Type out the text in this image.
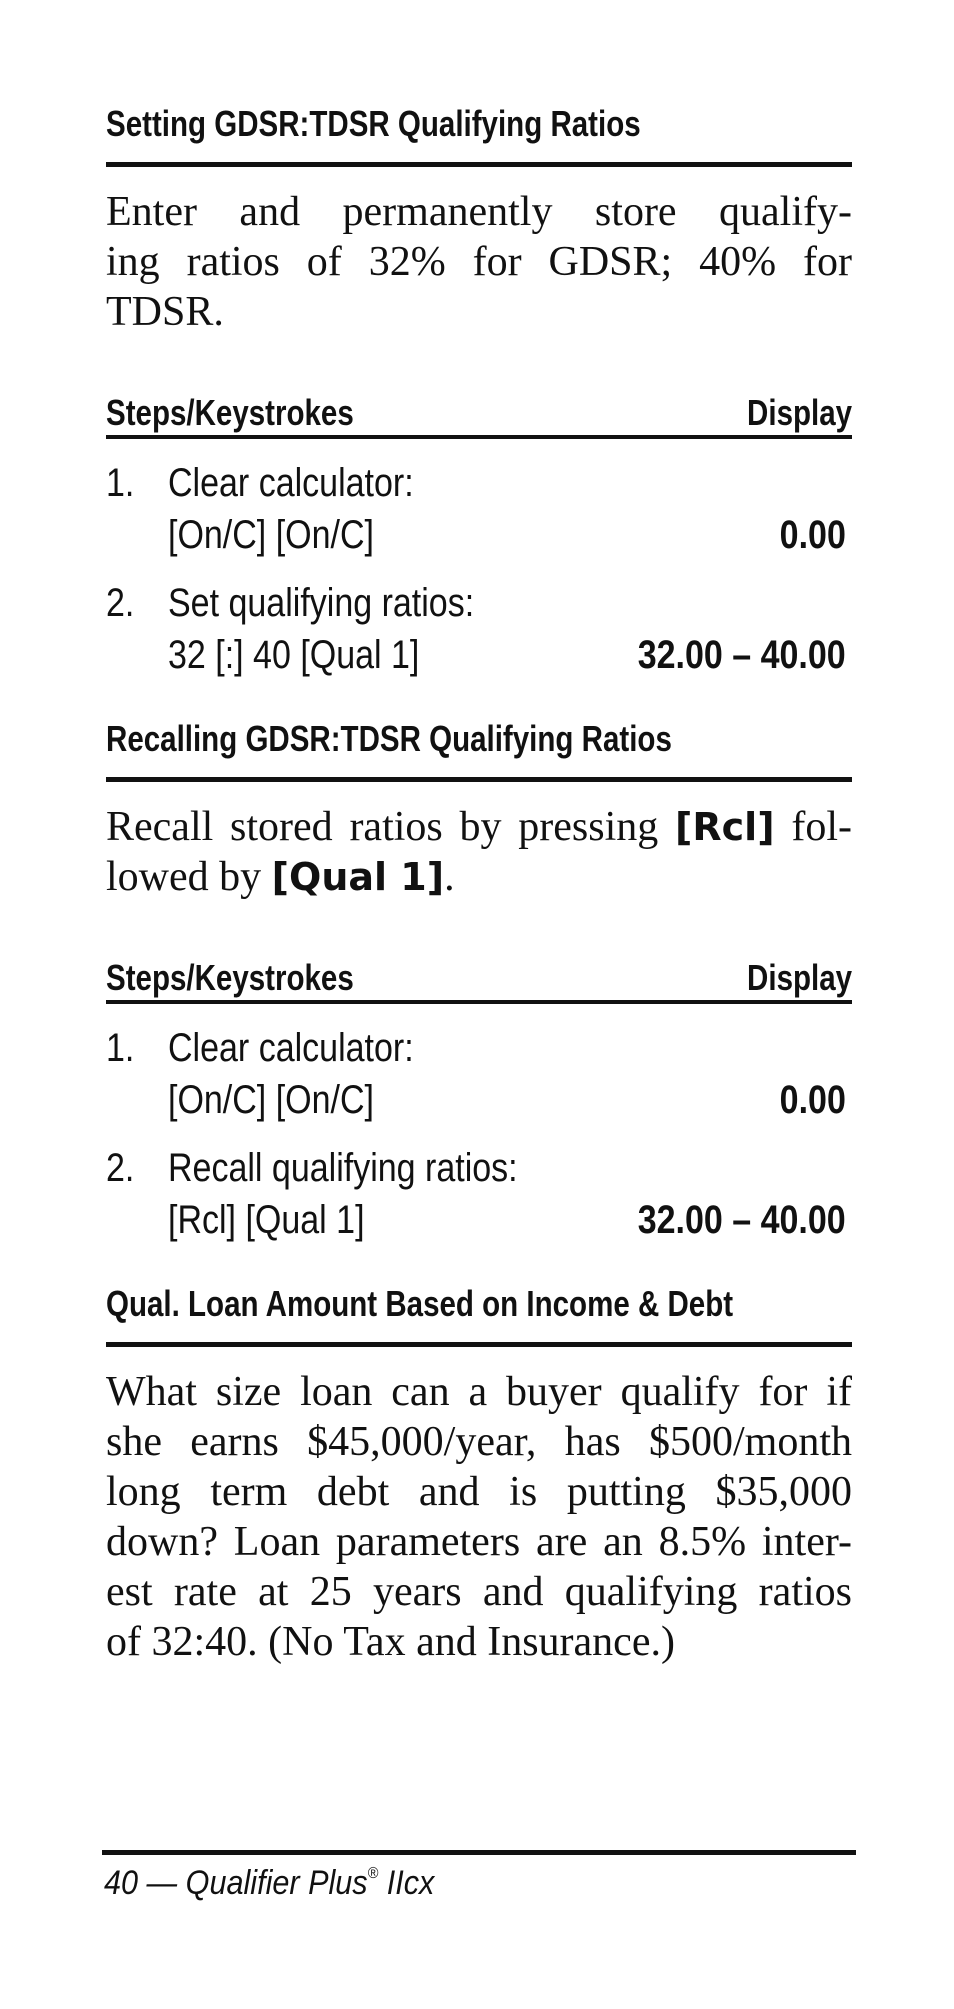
Setting GDSR:TDSR Qualifying Ratios
Enter and permanently store qualify-
ing ratios of 32% for GDSR; 40% for
TDSR.
Steps/Keystrokes	Display
1. Clear calculator:
[On/C] [On/C]	0.00
2. Set qualifying ratios:
32 [:] 40 [Qual 1]	32.00 – 40.00
Recalling GDSR:TDSR Qualifying Ratios
Recall stored ratios by pressing [Rcl] fol-
lowed by [Qual 1].
Steps/Keystrokes	Display
1. Clear calculator:
[On/C] [On/C]	0.00
2. Recall qualifying ratios:
[Rcl] [Qual 1]	32.00 – 40.00
Qual. Loan Amount Based on Income & Debt
What size loan can a buyer qualify for if
she earns $45,000/year, has $500/month
long term debt and is putting $35,000
down? Loan parameters are an 8.5% inter-
est rate at 25 years and qualifying ratios
of 32:40. (No Tax and Insurance.)
40 — Qualifier Plus® IIcx
